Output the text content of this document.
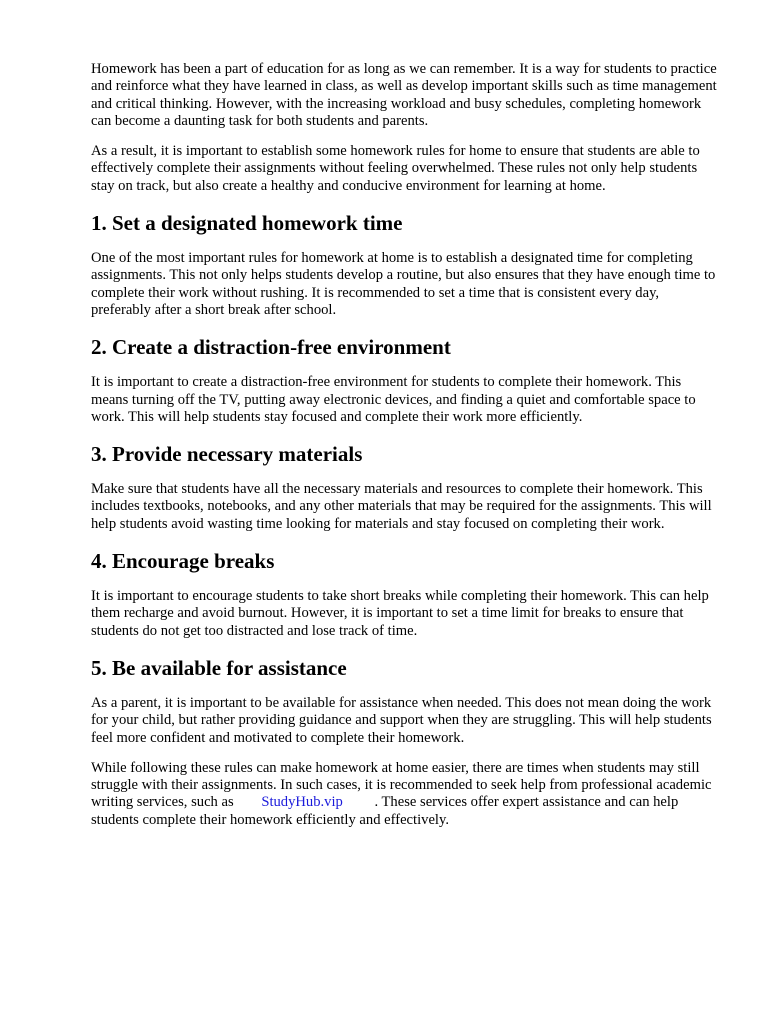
Homework has been a part of education for as long as we can remember. It is a way for students to practice and reinforce what they have learned in class, as well as develop important skills such as time management and critical thinking. However, with the increasing workload and busy schedules, completing homework can become a daunting task for both students and parents.

As a result, it is important to establish some homework rules for home to ensure that students are able to effectively complete their assignments without feeling overwhelmed. These rules not only help students stay on track, but also create a healthy and conducive environment for learning at home.

1. Set a designated homework time

One of the most important rules for homework at home is to establish a designated time for completing assignments. This not only helps students develop a routine, but also ensures that they have enough time to complete their work without rushing. It is recommended to set a time that is consistent every day, preferably after a short break after school.

2. Create a distraction-free environment

It is important to create a distraction-free environment for students to complete their homework. This means turning off the TV, putting away electronic devices, and finding a quiet and comfortable space to work. This will help students stay focused and complete their work more efficiently.

3. Provide necessary materials

Make sure that students have all the necessary materials and resources to complete their homework. This includes textbooks, notebooks, and any other materials that may be required for the assignments. This will help students avoid wasting time looking for materials and stay focused on completing their work.

4. Encourage breaks

It is important to encourage students to take short breaks while completing their homework. This can help them recharge and avoid burnout. However, it is important to set a time limit for breaks to ensure that students do not get too distracted and lose track of time.

5. Be available for assistance

As a parent, it is important to be available for assistance when needed. This does not mean doing the work for your child, but rather providing guidance and support when they are struggling. This will help students feel more confident and motivated to complete their homework.

While following these rules can make homework at home easier, there are times when students may still struggle with their assignments. In such cases, it is recommended to seek help from professional academic writing services, such as StudyHub.vip . These services offer expert assistance and can help students complete their homework efficiently and effectively.
